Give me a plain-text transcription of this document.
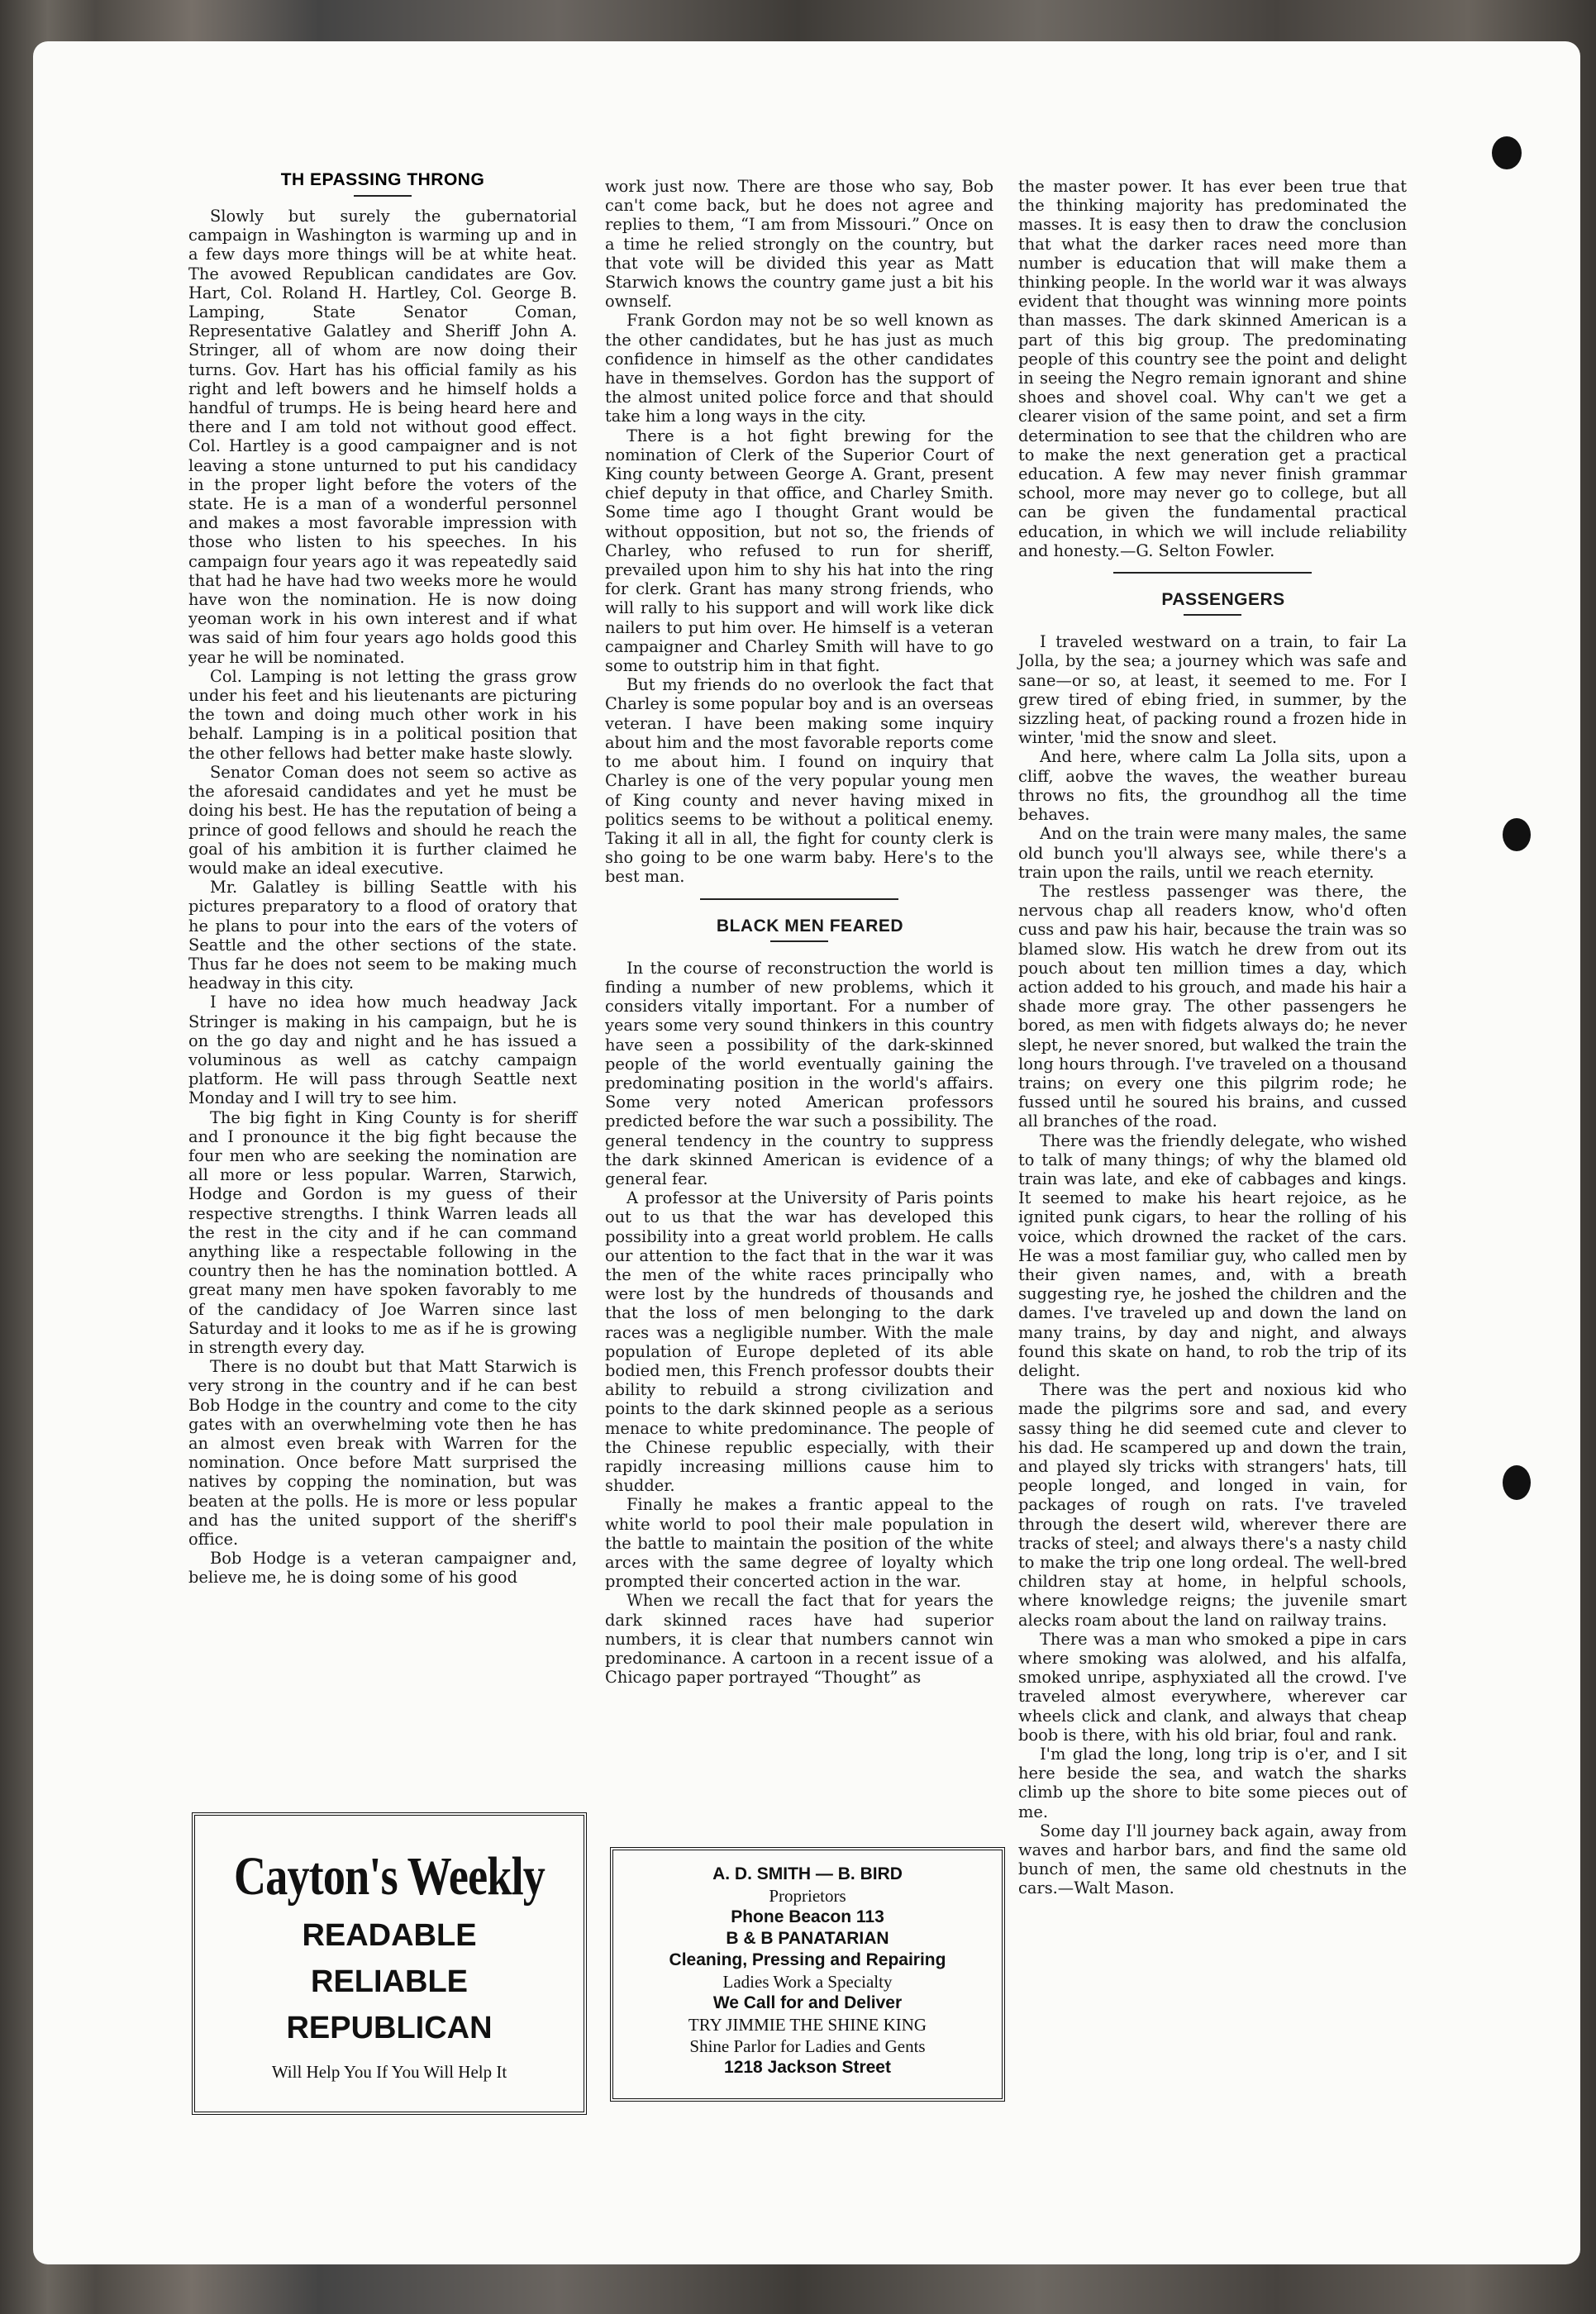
TH EPASSING THRONG

Slowly but surely the gubernatorial campaign in Washington is warming up and in a few days more things will be at white heat. The avowed Republican candidates are Gov. Hart, Col. Roland H. Hartley, Col. George B. Lamping, State Senator Coman, Representative Galatley and Sheriff John A. Stringer, all of whom are now doing their turns. Gov. Hart has his official family as his right and left bowers and he himself holds a handful of trumps. He is being heard here and there and I am told not without good effect. Col. Hartley is a good campaigner and is not leaving a stone unturned to put his candidacy in the proper light before the voters of the state. He is a man of a wonderful personnel and makes a most favorable impression with those who listen to his speeches. In his campaign four years ago it was repeatedly said that had he have had two weeks more he would have won the nomination. He is now doing yeoman work in his own interest and if what was said of him four years ago holds good this year he will be nominated.

Col. Lamping is not letting the grass grow under his feet and his lieutenants are picturing the town and doing much other work in his behalf. Lamping is in a political position that the other fellows had better make haste slowly.

Senator Coman does not seem so active as the aforesaid candidates and yet he must be doing his best. He has the reputation of being a prince of good fellows and should he reach the goal of his ambition it is further claimed he would make an ideal executive.

Mr. Galatley is billing Seattle with his pictures preparatory to a flood of oratory that he plans to pour into the ears of the voters of Seattle and the other sections of the state. Thus far he does not seem to be making much headway in this city.

I have no idea how much headway Jack Stringer is making in his campaign, but he is on the go day and night and he has issued a voluminous as well as catchy campaign platform. He will pass through Seattle next Monday and I will try to see him.

The big fight in King County is for sheriff and I pronounce it the big fight because the four men who are seeking the nomination are all more or less popular. Warren, Starwich, Hodge and Gordon is my guess of their respective strengths. I think Warren leads all the rest in the city and if he can command anything like a respectable following in the country then he has the nomination bottled. A great many men have spoken favorably to me of the candidacy of Joe Warren since last Saturday and it looks to me as if he is growing in strength every day.

There is no doubt but that Matt Starwich is very strong in the country and if he can best Bob Hodge in the country and come to the city gates with an overwhelming vote then he has an almost even break with Warren for the nomination. Once before Matt surprised the natives by copping the nomination, but was beaten at the polls. He is more or less popular and has the united support of the sheriff's office.

Bob Hodge is a veteran campaigner and, believe me, he is doing some of his good

work just now. There are those who say, Bob can't come back, but he does not agree and replies to them, “I am from Missouri.” Once on a time he relied strongly on the country, but that vote will be divided this year as Matt Starwich knows the country game just a bit his ownself.

Frank Gordon may not be so well known as the other candidates, but he has just as much confidence in himself as the other candidates have in themselves. Gordon has the support of the almost united police force and that should take him a long ways in the city.

There is a hot fight brewing for the nomination of Clerk of the Superior Court of King county between George A. Grant, present chief deputy in that office, and Charley Smith. Some time ago I thought Grant would be without opposition, but not so, the friends of Charley, who refused to run for sheriff, prevailed upon him to shy his hat into the ring for clerk. Grant has many strong friends, who will rally to his support and will work like dick nailers to put him over. He himself is a veteran campaigner and Charley Smith will have to go some to outstrip him in that fight.

But my friends do no overlook the fact that Charley is some popular boy and is an overseas veteran. I have been making some inquiry about him and the most favorable reports come to me about him. I found on inquiry that Charley is one of the very popular young men of King county and never having mixed in politics seems to be without a political enemy. Taking it all in all, the fight for county clerk is sho going to be one warm baby. Here's to the best man.

BLACK MEN FEARED

In the course of reconstruction the world is finding a number of new problems, which it considers vitally important. For a number of years some very sound thinkers in this country have seen a possibility of the dark-skinned people of the world eventually gaining the predominating position in the world's affairs. Some very noted American professors predicted before the war such a possibility. The general tendency in the country to suppress the dark skinned American is evidence of a general fear.

A professor at the University of Paris points out to us that the war has developed this possibility into a great world problem. He calls our attention to the fact that in the war it was the men of the white races principally who were lost by the hundreds of thousands and that the loss of men belonging to the dark races was a negligible number. With the male population of Europe depleted of its able bodied men, this French professor doubts their ability to rebuild a strong civilization and points to the dark skinned people as a serious menace to white predominance. The people of the Chinese republic especially, with their rapidly increasing millions cause him to shudder.

Finally he makes a frantic appeal to the white world to pool their male population in the battle to maintain the position of the white arces with the same degree of loyalty which prompted their concerted action in the war.

When we recall the fact that for years the dark skinned races have had superior numbers, it is clear that numbers cannot win predominance. A cartoon in a recent issue of a Chicago paper portrayed “Thought” as

the master power. It has ever been true that the thinking majority has predominated the masses. It is easy then to draw the conclusion that what the darker races need more than number is education that will make them a thinking people. In the world war it was always evident that thought was winning more points than masses. The dark skinned American is a part of this big group. The predominating people of this country see the point and delight in seeing the Negro remain ignorant and shine shoes and shovel coal. Why can't we get a clearer vision of the same point, and set a firm determination to see that the children who are to make the next generation get a practical education. A few may never finish grammar school, more may never go to college, but all can be given the fundamental practical education, in which we will include reliability and honesty.—G. Selton Fowler.

PASSENGERS

I traveled westward on a train, to fair La Jolla, by the sea; a journey which was safe and sane—or so, at least, it seemed to me. For I grew tired of ebing fried, in summer, by the sizzling heat, of packing round a frozen hide in winter, 'mid the snow and sleet.

And here, where calm La Jolla sits, upon a cliff, aobve the waves, the weather bureau throws no fits, the groundhog all the time behaves.

And on the train were many males, the same old bunch you'll always see, while there's a train upon the rails, until we reach eternity.

The restless passenger was there, the nervous chap all readers know, who'd often cuss and paw his hair, because the train was so blamed slow. His watch he drew from out its pouch about ten million times a day, which action added to his grouch, and made his hair a shade more gray. The other passengers he bored, as men with fidgets always do; he never slept, he never snored, but walked the train the long hours through. I've traveled on a thousand trains; on every one this pilgrim rode; he fussed until he soured his brains, and cussed all branches of the road.

There was the friendly delegate, who wished to talk of many things; of why the blamed old train was late, and eke of cabbages and kings. It seemed to make his heart rejoice, as he ignited punk cigars, to hear the rolling of his voice, which drowned the racket of the cars. He was a most familiar guy, who called men by their given names, and, with a breath suggesting rye, he joshed the children and the dames. I've traveled up and down the land on many trains, by day and night, and always found this skate on hand, to rob the trip of its delight.

There was the pert and noxious kid who made the pilgrims sore and sad, and every sassy thing he did seemed cute and clever to his dad. He scampered up and down the train, and played sly tricks with strangers' hats, till people longed, and longed in vain, for packages of rough on rats. I've traveled through the desert wild, wherever there are tracks of steel; and always there's a nasty child to make the trip one long ordeal. The well-bred children stay at home, in helpful schools, where knowledge reigns; the juvenile smart alecks roam about the land on railway trains.

There was a man who smoked a pipe in cars where smoking was alolwed, and his alfalfa, smoked unripe, asphyxiated all the crowd. I've traveled almost everywhere, wherever car wheels click and clank, and always that cheap boob is there, with his old briar, foul and rank.

I'm glad the long, long trip is o'er, and I sit here beside the sea, and watch the sharks climb up the shore to bite some pieces out of me.

Some day I'll journey back again, away from waves and harbor bars, and find the same old bunch of men, the same old chestnuts in the cars.—Walt Mason.

Cayton's Weekly
READABLE
RELIABLE
REPUBLICAN
Will Help You If You Will Help It
A. D. SMITH — B. BIRD
Proprietors
Phone Beacon 113
B & B PANATARIAN
Cleaning, Pressing and Repairing
Ladies Work a Specialty
We Call for and Deliver
TRY JIMMIE THE SHINE KING
Shine Parlor for Ladies and Gents
1218 Jackson Street
